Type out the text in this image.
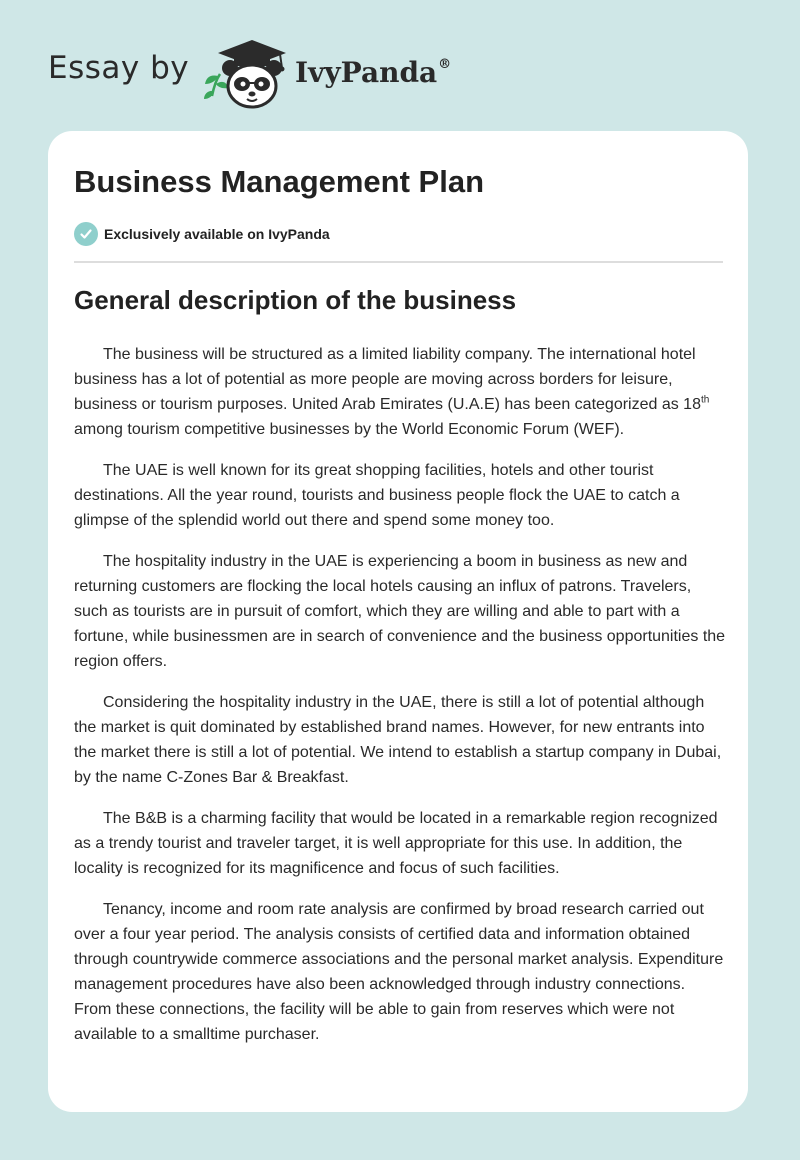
Essay by	IvyPanda®
Business Management Plan
Exclusively available on IvyPanda
General description of the business

The business will be structured as a limited liability company. The international hotel business has a lot of potential as more people are moving across borders for leisure, business or tourism purposes. United Arab Emirates (U.A.E) has been categorized as 18th among tourism competitive businesses by the World Economic Forum (WEF).

The UAE is well known for its great shopping facilities, hotels and other tourist destinations. All the year round, tourists and business people flock the UAE to catch a glimpse of the splendid world out there and spend some money too.

The hospitality industry in the UAE is experiencing a boom in business as new and returning customers are flocking the local hotels causing an influx of patrons. Travelers, such as tourists are in pursuit of comfort, which they are willing and able to part with a fortune, while businessmen are in search of convenience and the business opportunities the region offers.

Considering the hospitality industry in the UAE, there is still a lot of potential although the market is quit dominated by established brand names. However, for new entrants into the market there is still a lot of potential. We intend to establish a startup company in Dubai, by the name C-Zones Bar & Breakfast.

The B&B is a charming facility that would be located in a remarkable region recognized as a trendy tourist and traveler target, it is well appropriate for this use. In addition, the locality is recognized for its magnificence and focus of such facilities.

Tenancy, income and room rate analysis are confirmed by broad research carried out over a four year period. The analysis consists of certified data and information obtained through countrywide commerce associations and the personal market analysis. Expenditure management procedures have also been acknowledged through industry connections. From these connections, the facility will be able to gain from reserves which were not available to a smalltime purchaser.
